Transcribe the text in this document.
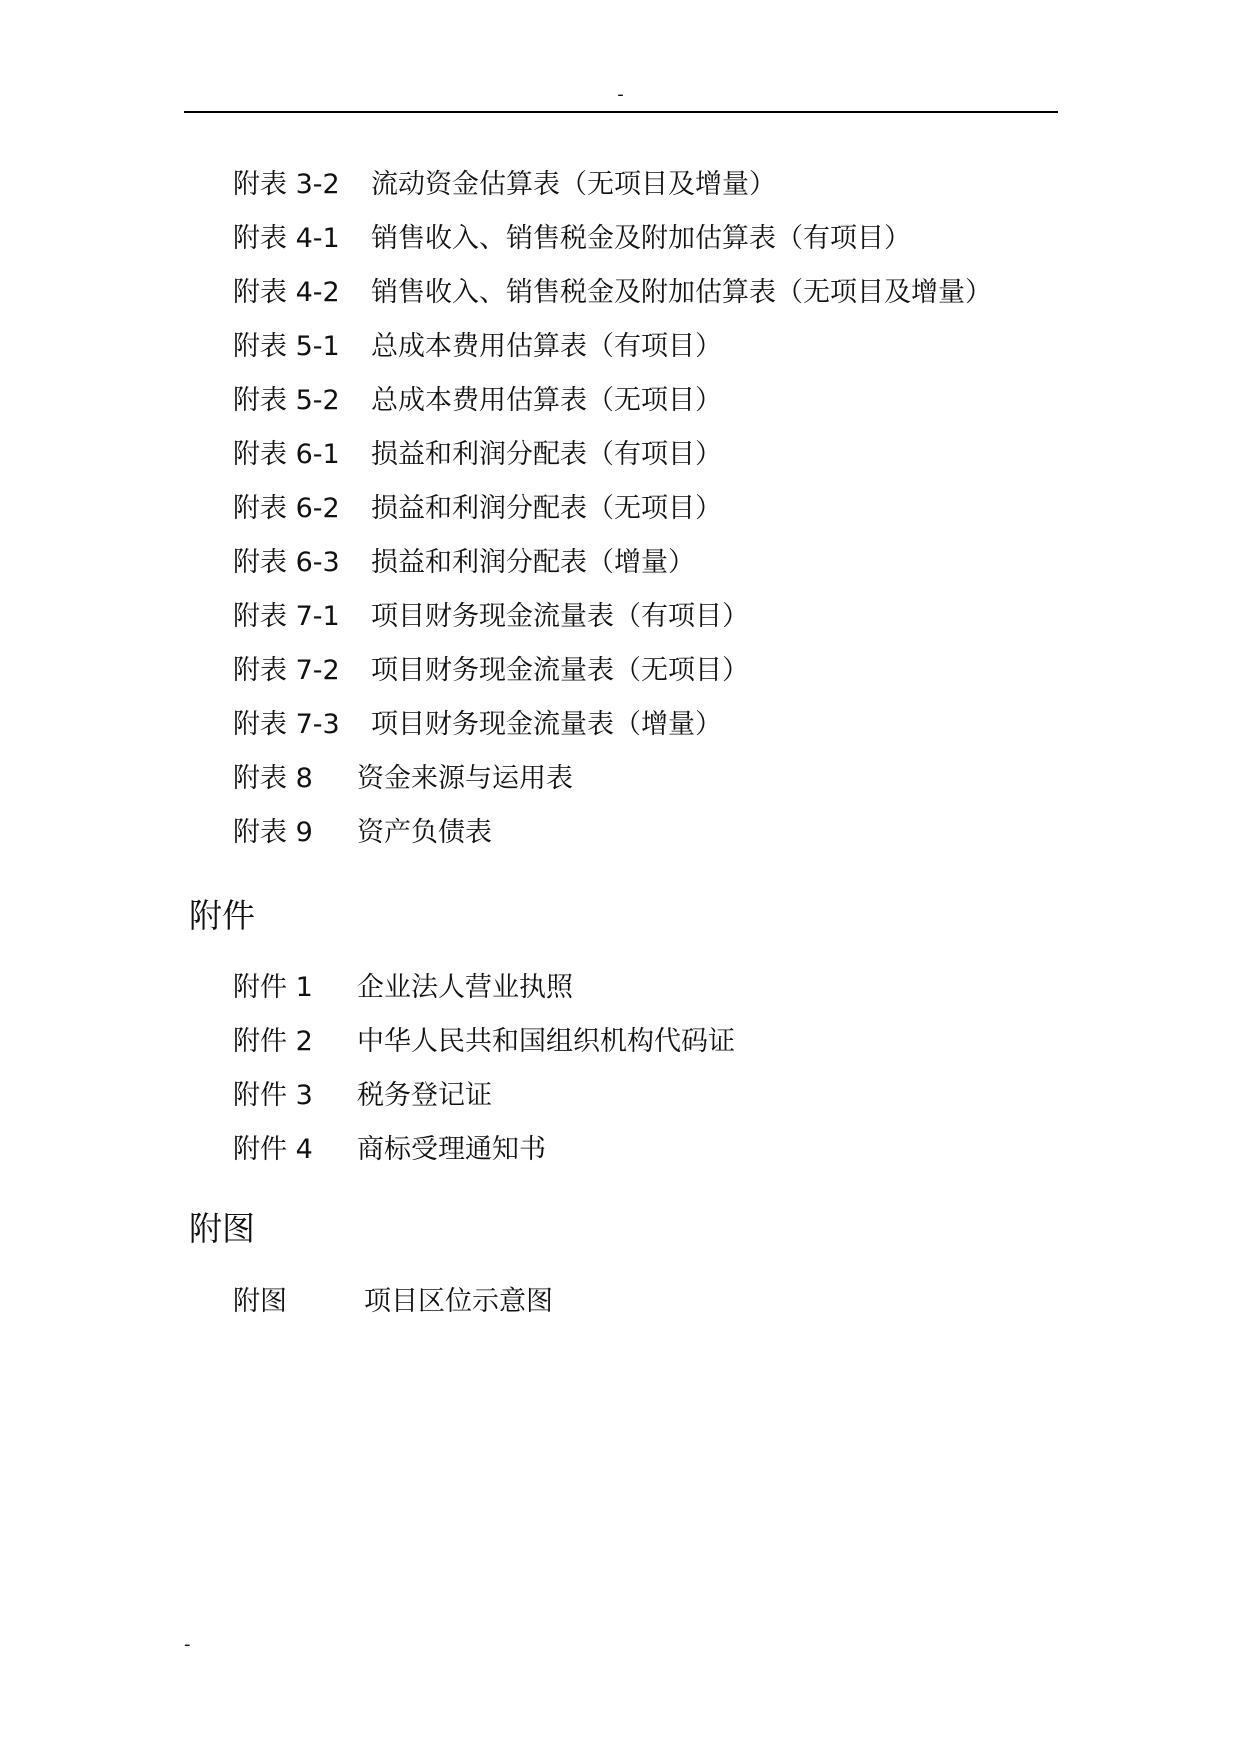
-
附表 3-2 流动资金估算表（无项目及增量）
附表 4-1 销售收入、销售税金及附加估算表（有项目）
附表 4-2 销售收入、销售税金及附加估算表（无项目及增量）
附表 5-1 总成本费用估算表（有项目）
附表 5-2 总成本费用估算表（无项目）
附表 6-1 损益和利润分配表（有项目）
附表 6-2 损益和利润分配表（无项目）
附表 6-3 损益和利润分配表（增量）
附表 7-1 项目财务现金流量表（有项目）
附表 7-2 项目财务现金流量表（无项目）
附表 7-3 项目财务现金流量表（增量）
附表 8 资金来源与运用表
附表 9 资产负债表
附件
附件 1 企业法人营业执照
附件 2 中华人民共和国组织机构代码证
附件 3 税务登记证
附件 4 商标受理通知书
附图
附图	项目区位示意图
-
